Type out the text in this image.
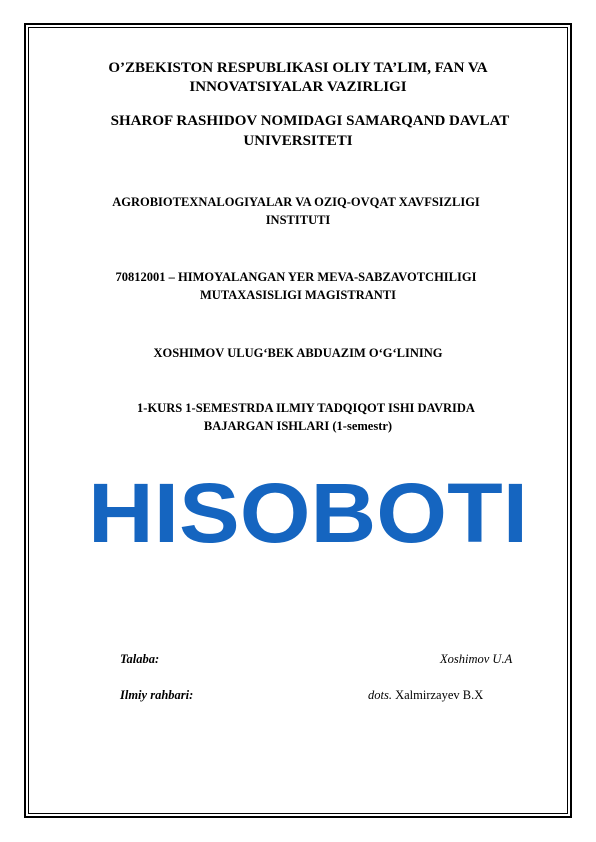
O’ZBEKISTON RESPUBLIKASI OLIY TA’LIM, FAN VA
INNOVATSIYALAR VAZIRLIGI
SHAROF RASHIDOV NOMIDAGI SAMARQAND DAVLAT
UNIVERSITETI
AGROBIOTEXNALOGIYALAR VA OZIQ-OVQAT XAVFSIZLIGI
INSTITUTI
70812001 – HIMOYALANGAN YER MEVA-SABZAVOTCHILIGI
MUTAXASISLIGI MAGISTRANTI
XOSHIMOV ULUG‘BEK ABDUAZIM O‘G‘LINING
1-KURS 1-SEMESTRDA ILMIY TADQIQOT ISHI DAVRIDA
BAJARGAN ISHLARI (1-semestr)
HISOBOTI
Talaba:	Xoshimov U.A
Ilmiy rahbari:	dots. Xalmirzayev B.X
